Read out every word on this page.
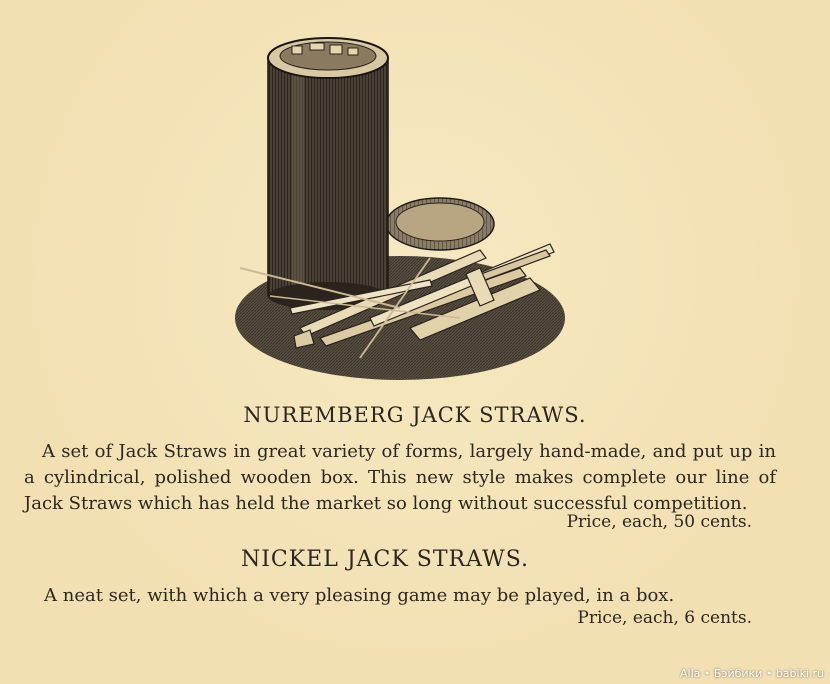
NUREMBERG JACK STRAWS.
A set of Jack Straws in great variety of forms, largely hand-made, and put up in a cylindrical, polished wooden box. This new style makes complete our line of Jack Straws which has held the market so long without successful competition.
Price, each, 50 cents.
NICKEL JACK STRAWS.
A neat set, with which a very pleasing game may be played, in a box.
Price, each, 6 cents.
Alla • Бэйбики • babiki.ru
